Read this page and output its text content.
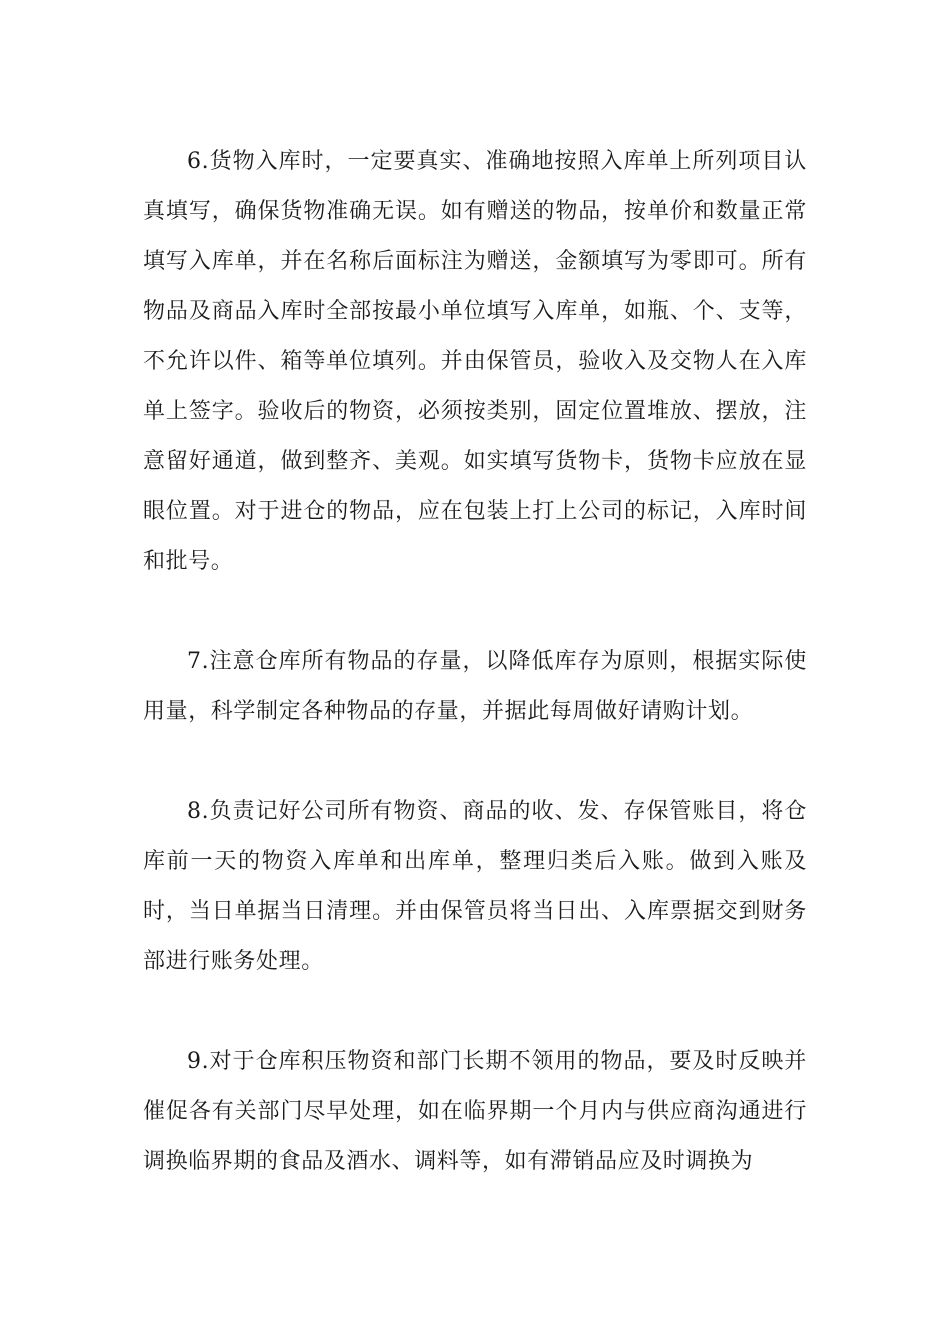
6.货物入库时，一定要真实、准确地按照入库单上所列项目认真填写，确保货物准确无误。如有赠送的物品，按单价和数量正常填写入库单，并在名称后面标注为赠送，金额填写为零即可。所有物品及商品入库时全部按最小单位填写入库单，如瓶、个、支等，不允许以件、箱等单位填列。并由保管员，验收入及交物人在入库单上签字。验收后的物资，必须按类别，固定位置堆放、摆放，注意留好通道，做到整齐、美观。如实填写货物卡，货物卡应放在显眼位置。对于进仓的物品，应在包装上打上公司的标记，入库时间和批号。

7.注意仓库所有物品的存量，以降低库存为原则，根据实际使用量，科学制定各种物品的存量，并据此每周做好请购计划。

8.负责记好公司所有物资、商品的收、发、存保管账目，将仓库前一天的物资入库单和出库单，整理归类后入账。做到入账及时，当日单据当日清理。并由保管员将当日出、入库票据交到财务部进行账务处理。

9.对于仓库积压物资和部门长期不领用的物品，要及时反映并催促各有关部门尽早处理，如在临界期一个月内与供应商沟通进行调换临界期的食品及酒水、调料等，如有滞销品应及时调换为
